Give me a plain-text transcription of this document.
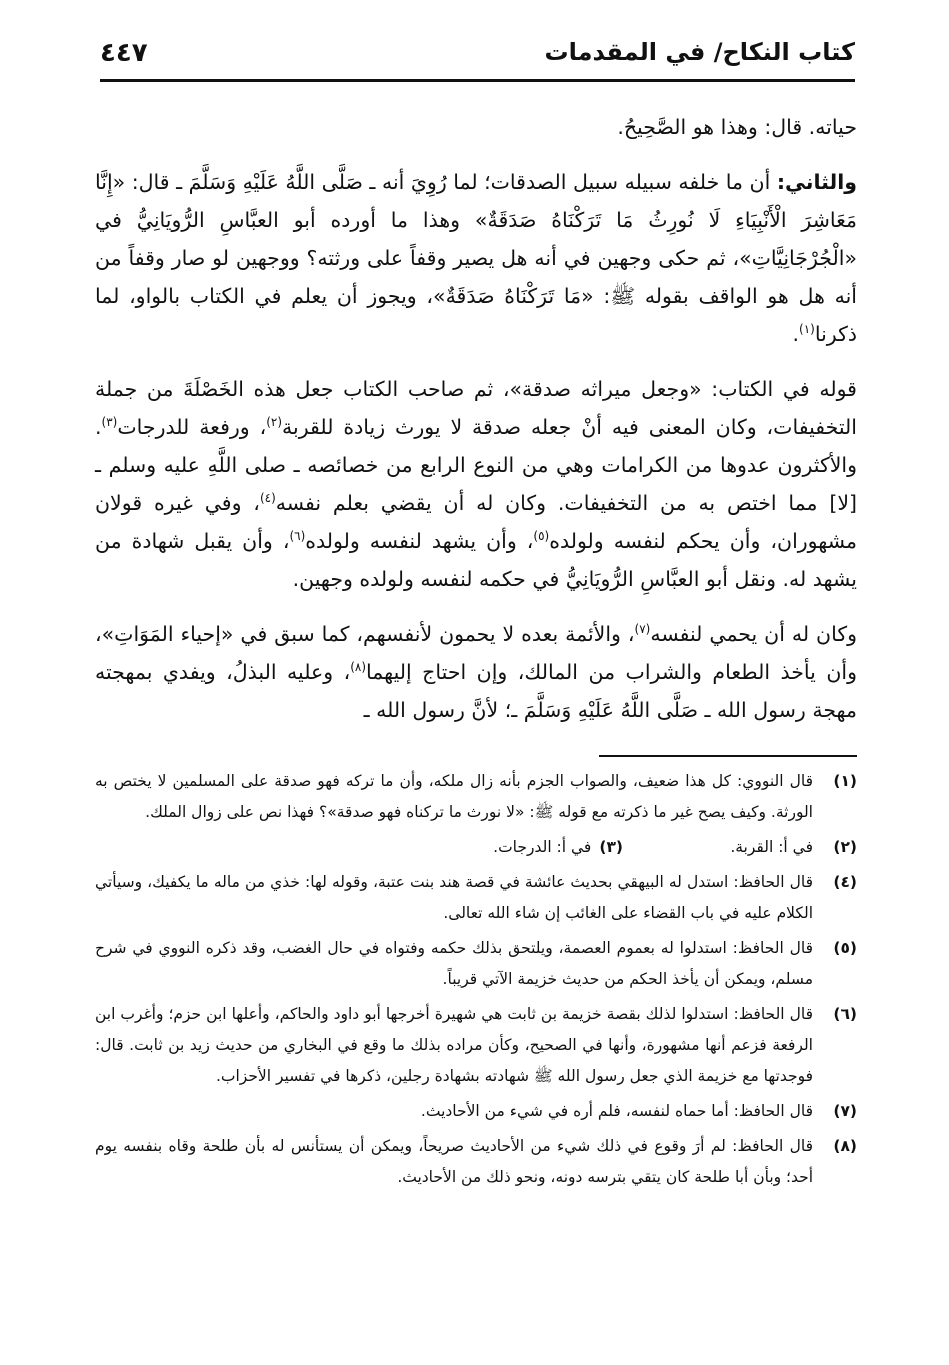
كتاب النكاح/ في المقدمات
٤٤٧

حياته. قال: وهذا هو الصَّحِيحُ.

والثاني: أن ما خلفه سبيله سبيل الصدقات؛ لما رُوِيَ أنه ـ صَلَّى اللَّهُ عَلَيْهِ وَسَلَّمَ ـ قال: «إِنَّا مَعَاشِرَ الْأَنْبِيَاءِ لَا نُورِثُ مَا تَرَكْنَاهُ صَدَقَةٌ» وهذا ما أورده أبو العبَّاسِ الرُّويَانِيُّ في «الْجُرْجَانِيَّاتِ»، ثم حكى وجهين في أنه هل يصير وقفاً على ورثته؟ ووجهين لو صار وقفاً من أنه هل هو الواقف بقوله ﷺ: «مَا تَرَكْنَاهُ صَدَقَةٌ»، ويجوز أن يعلم في الكتاب بالواو، لما ذكرنا$^{(١)}$.

قوله في الكتاب: «وجعل ميراثه صدقة»، ثم صاحب الكتاب جعل هذه الخَصْلَةَ من جملة التخفيفات، وكان المعنى فيه أنْ جعله صدقة لا يورث زيادة للقربة$^{(٢)}$، ورفعة للدرجات$^{(٣)}$. والأكثرون عدوها من الكرامات وهي من النوع الرابع من خصائصه ـ صلى اللَّهِ عليه وسلم ـ [لا] مما اختص به من التخفيفات. وكان له أن يقضي بعلم نفسه$^{(٤)}$، وفي غيره قولان مشهوران، وأن يحكم لنفسه ولولده$^{(٥)}$، وأن يشهد لنفسه ولولده$^{(٦)}$، وأن يقبل شهادة من يشهد له. ونقل أبو العبَّاسِ الرُّويَانِيُّ في حكمه لنفسه ولولده وجهين.

وكان له أن يحمي لنفسه$^{(٧)}$، والأئمة بعده لا يحمون لأنفسهم، كما سبق في «إحياء المَوَاتِ»، وأن يأخذ الطعام والشراب من المالك، وإن احتاج إليهما$^{(٨)}$، وعليه البذلُ، ويفدي بمهجته مهجة رسول الله ـ صَلَّى اللَّهُ عَلَيْهِ وَسَلَّمَ ـ؛ لأنَّ رسول الله ـ

(١)
قال النووي: كل هذا ضعيف، والصواب الجزم بأنه زال ملكه، وأن ما تركه فهو صدقة على المسلمين لا يختص به الورثة. وكيف يصح غير ما ذكرته مع قوله ﷺ: «لا نورث ما تركناه فهو صدقة»؟ فهذا نص على زوال الملك.
(٢)
في أ: القربة.
(٣)
في أ: الدرجات.
(٤)
قال الحافظ: استدل له البيهقي بحديث عائشة في قصة هند بنت عتبة، وقوله لها: خذي من ماله ما يكفيك، وسيأتي الكلام عليه في باب القضاء على الغائب إن شاء الله تعالى.
(٥)
قال الحافظ: استدلوا له بعموم العصمة، ويلتحق بذلك حكمه وفتواه في حال الغضب، وقد ذكره النووي في شرح مسلم، ويمكن أن يأخذ الحكم من حديث خزيمة الآتي قريباً.
(٦)
قال الحافظ: استدلوا لذلك بقصة خزيمة بن ثابت هي شهيرة أخرجها أبو داود والحاكم، وأعلها ابن حزم؛ وأغرب ابن الرفعة فزعم أنها مشهورة، وأنها في الصحيح، وكأن مراده بذلك ما وقع في البخاري من حديث زيد بن ثابت. قال: فوجدتها مع خزيمة الذي جعل رسول الله ﷺ شهادته بشهادة رجلين، ذكرها في تفسير الأحزاب.
(٧)
قال الحافظ: أما حماه لنفسه، فلم أره في شيء من الأحاديث.
(٨)
قال الحافظ: لم أرَ وقوع في ذلك شيء من الأحاديث صريحاً، ويمكن أن يستأنس له بأن طلحة وقاه بنفسه يوم أحد؛ وبأن أبا طلحة كان يتقي بترسه دونه، ونحو ذلك من الأحاديث.
